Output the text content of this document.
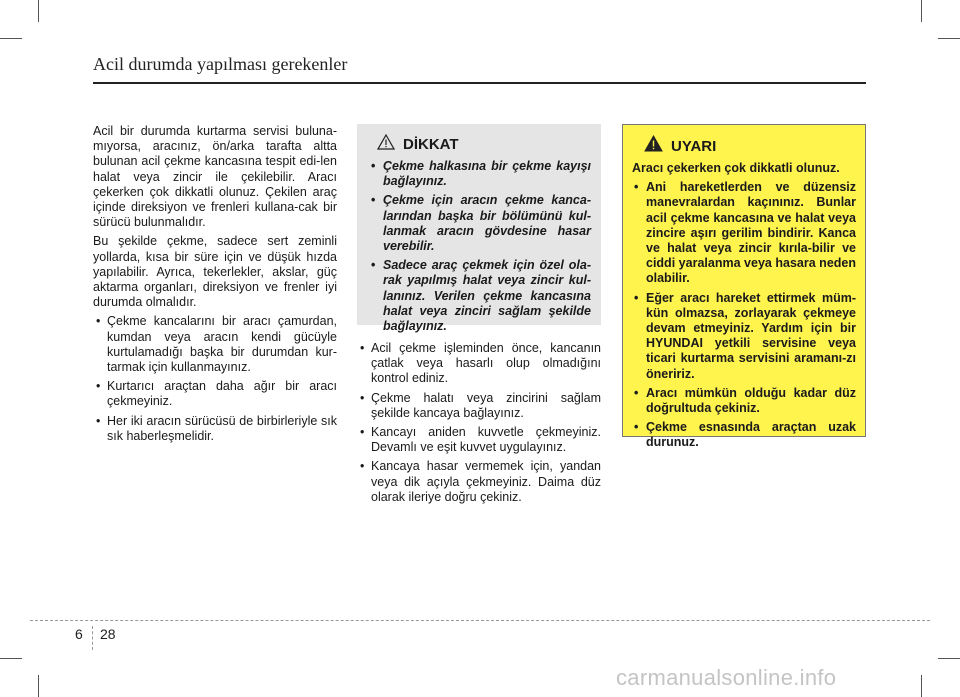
Acil durumda yapılması gerekenler

Acil bir durumda kurtarma servisi buluna-mıyorsa, aracınız, ön/arka tarafta altta bulunan acil çekme kancasına tespit edi-len halat veya zincir ile çekilebilir. Aracı çekerken çok dikkatli olunuz. Çekilen araç içinde direksiyon ve frenleri kullana-cak bir sürücü bulunmalıdır.

Bu şekilde çekme, sadece sert zeminli yollarda, kısa bir süre için ve düşük hızda yapılabilir. Ayrıca, tekerlekler, akslar, güç aktarma organları, direksiyon ve frenler iyi durumda olmalıdır.

• Çekme kancalarını bir aracı çamurdan, kumdan veya aracın kendi gücüyle kurtulamadığı başka bir durumdan kur-tarmak için kullanmayınız.
• Kurtarıcı araçtan daha ağır bir aracı çekmeyiniz.
• Her iki aracın sürücüsü de birbirleriyle sık sık haberleşmelidir.
DİKKAT
• Çekme halkasına bir çekme kayışı bağlayınız.
• Çekme için aracın çekme kanca-larından başka bir bölümünü kul-lanmak aracın gövdesine hasar verebilir.
• Sadece araç çekmek için özel ola-rak yapılmış halat veya zincir kul-lanınız. Verilen çekme kancasına halat veya zinciri sağlam şekilde bağlayınız.
• Acil çekme işleminden önce, kancanın çatlak veya hasarlı olup olmadığını kontrol ediniz.
• Çekme halatı veya zincirini sağlam şekilde kancaya bağlayınız.
• Kancayı aniden kuvvetle çekmeyiniz. Devamlı ve eşit kuvvet uygulayınız.
• Kancaya hasar vermemek için, yandan veya dik açıyla çekmeyiniz. Daima düz olarak ileriye doğru çekiniz.
UYARI
Aracı çekerken çok dikkatli olunuz.
• Ani hareketlerden ve düzensiz manevralardan kaçınınız. Bunlar acil çekme kancasına ve halat veya zincire aşırı gerilim bindirir. Kanca ve halat veya zincir kırıla-bilir ve ciddi yaralanma veya hasara neden olabilir.
• Eğer aracı hareket ettirmek müm-kün olmazsa, zorlayarak çekmeye devam etmeyiniz. Yardım için bir HYUNDAI yetkili servisine veya ticari kurtarma servisini aramanı-zı öneririz.
• Aracı mümkün olduğu kadar düz doğrultuda çekiniz.
• Çekme esnasında araçtan uzak durunuz.
6 28
carmanualsonline.info
